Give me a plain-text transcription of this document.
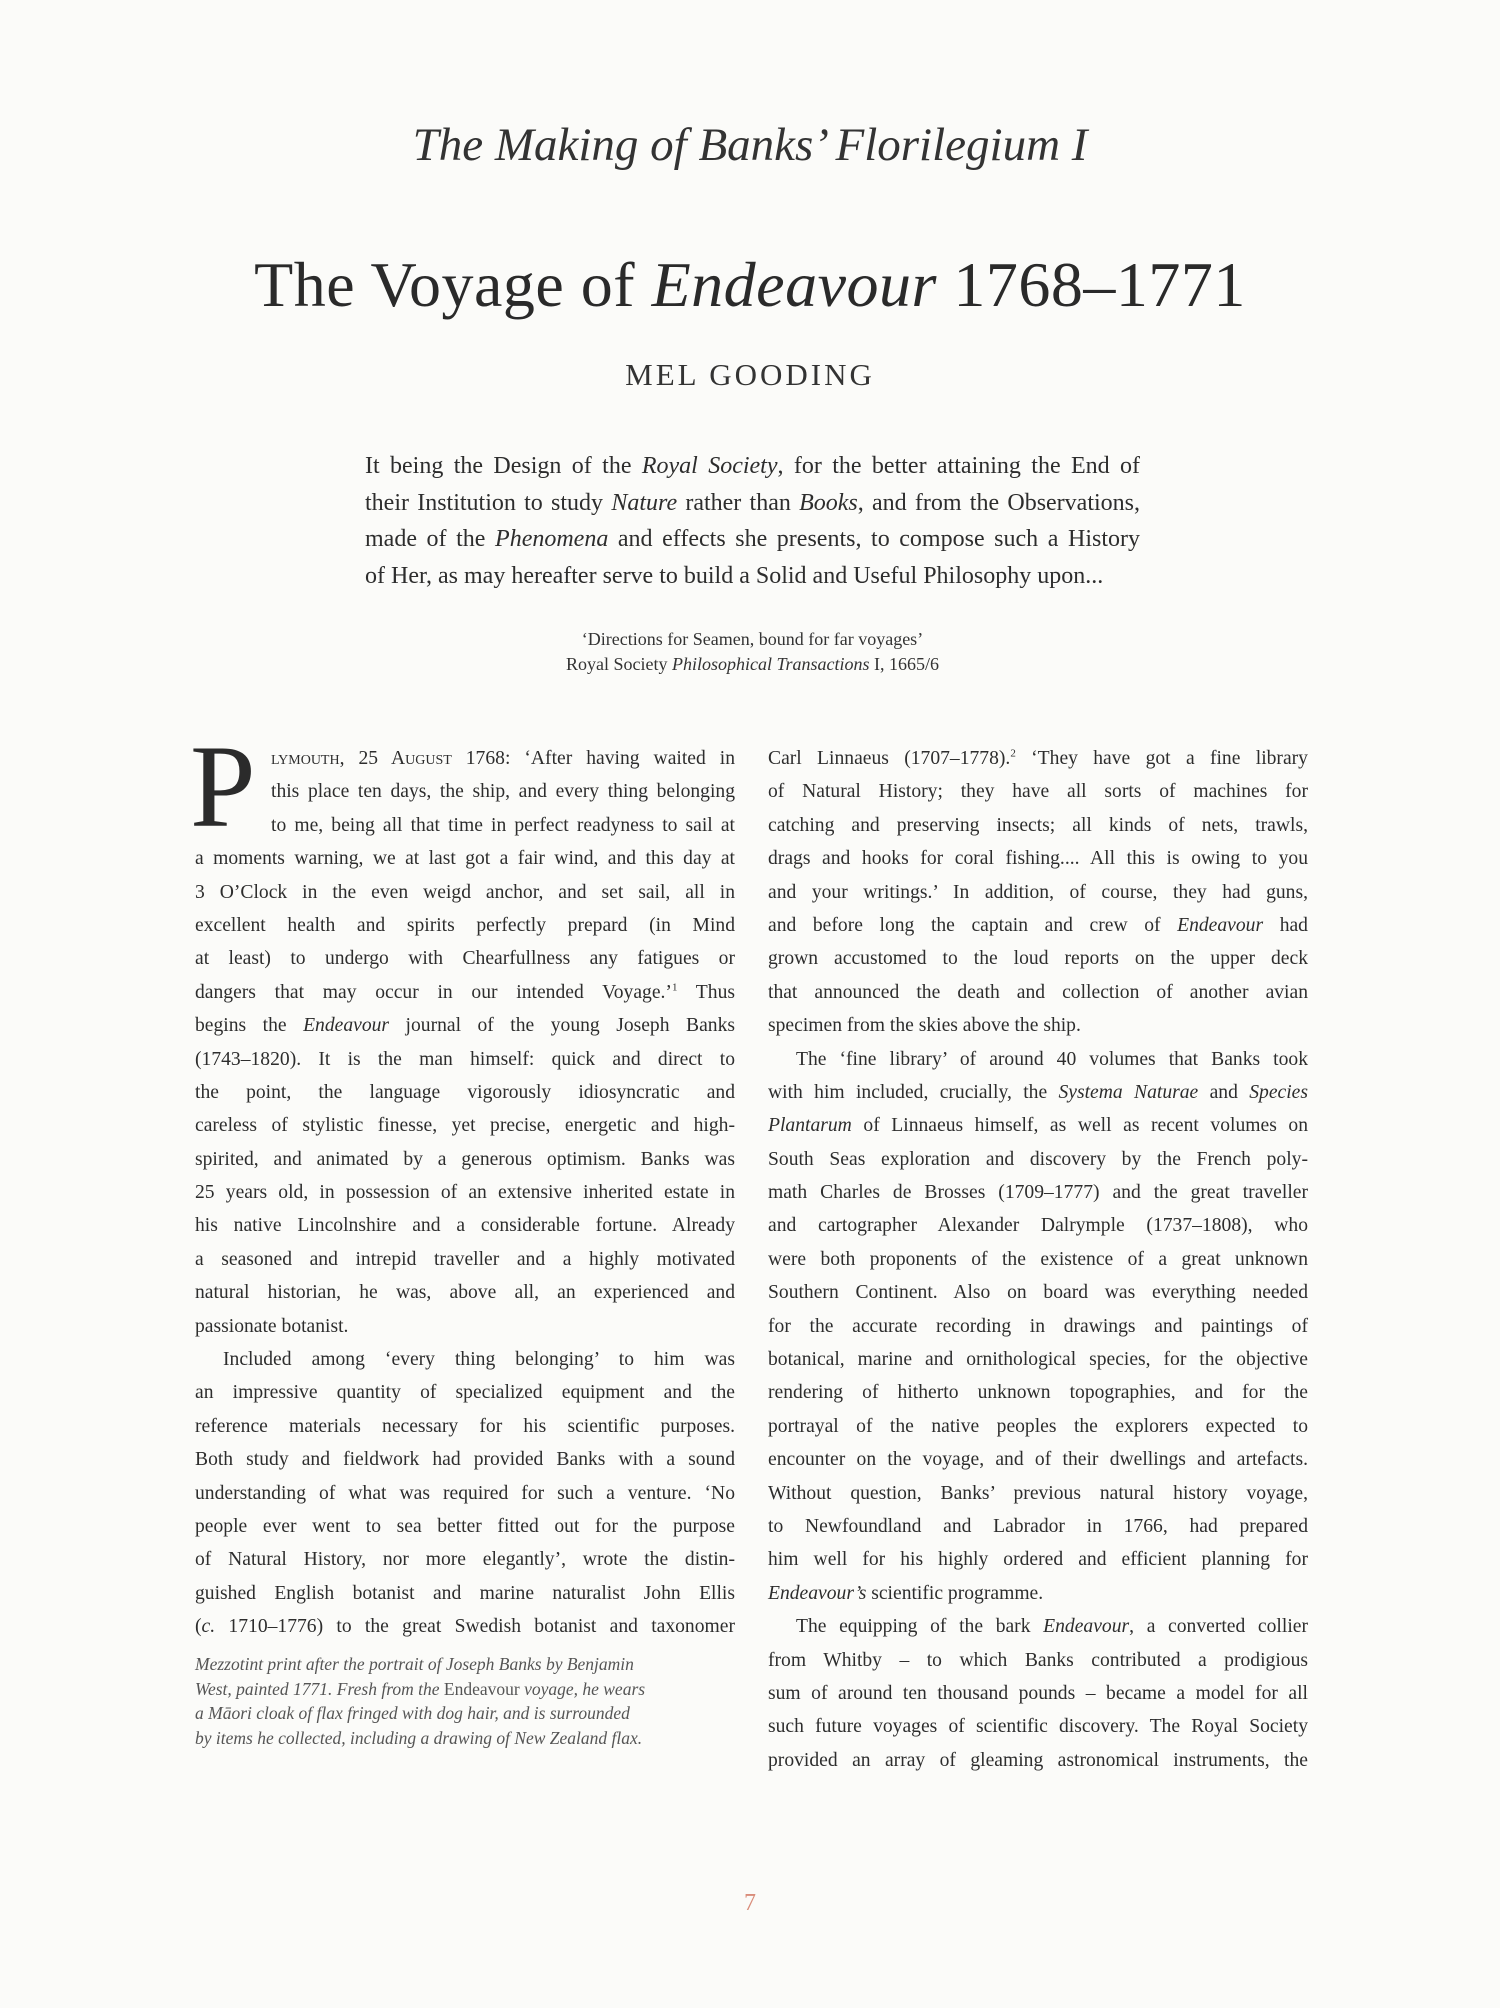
The Making of Banks’ Florilegium I
The Voyage of Endeavour 1768–1771
MEL GOODING
It being the Design of the Royal Society, for the better attaining the End of
their Institution to study Nature rather than Books, and from the Observations,
made of the Phenomena and effects she presents, to compose such a History
of Her, as may hereafter serve to build a Solid and Useful Philosophy upon...
‘Directions for Seamen, bound for far voyages’
Royal Society Philosophical Transactions I, 1665/6
P lymouth, 25 August 1768: ‘After having waited in
this place ten days, the ship, and every thing belonging
to me, being all that time in perfect readyness to sail at
a moments warning, we at last got a fair wind, and this day at
3 O’Clock in the even weigd anchor, and set sail, all in
excellent health and spirits perfectly prepard (in Mind
at least) to undergo with Chearfullness any fatigues or
dangers that may occur in our intended Voyage.’$^1$ Thus
begins the Endeavour journal of the young Joseph Banks
(1743–1820). It is the man himself: quick and direct to
the point, the language vigorously idiosyncratic and
careless of stylistic finesse, yet precise, energetic and high-
spirited, and animated by a generous optimism. Banks was
25 years old, in possession of an extensive inherited estate in
his native Lincolnshire and a considerable fortune. Already
a seasoned and intrepid traveller and a highly motivated
natural historian, he was, above all, an experienced and
passionate botanist.
Included among ‘every thing belonging’ to him was
an impressive quantity of specialized equipment and the
reference materials necessary for his scientific purposes.
Both study and fieldwork had provided Banks with a sound
understanding of what was required for such a venture. ‘No
people ever went to sea better fitted out for the purpose
of Natural History, nor more elegantly’, wrote the distin-
guished English botanist and marine naturalist John Ellis
(c. 1710–1776) to the great Swedish botanist and taxonomer
Mezzotint print after the portrait of Joseph Banks by Benjamin
West, painted 1771. Fresh from the Endeavour voyage, he wears
a Māori cloak of flax fringed with dog hair, and is surrounded
by items he collected, including a drawing of New Zealand flax.
Carl Linnaeus (1707–1778).$^2$ ‘They have got a fine library
of Natural History; they have all sorts of machines for
catching and preserving insects; all kinds of nets, trawls,
drags and hooks for coral fishing.... All this is owing to you
and your writings.’ In addition, of course, they had guns,
and before long the captain and crew of Endeavour had
grown accustomed to the loud reports on the upper deck
that announced the death and collection of another avian
specimen from the skies above the ship.
The ‘fine library’ of around 40 volumes that Banks took
with him included, crucially, the Systema Naturae and Species
Plantarum of Linnaeus himself, as well as recent volumes on
South Seas exploration and discovery by the French poly-
math Charles de Brosses (1709–1777) and the great traveller
and cartographer Alexander Dalrymple (1737–1808), who
were both proponents of the existence of a great unknown
Southern Continent. Also on board was everything needed
for the accurate recording in drawings and paintings of
botanical, marine and ornithological species, for the objective
rendering of hitherto unknown topographies, and for the
portrayal of the native peoples the explorers expected to
encounter on the voyage, and of their dwellings and artefacts.
Without question, Banks’ previous natural history voyage,
to Newfoundland and Labrador in 1766, had prepared
him well for his highly ordered and efficient planning for
Endeavour’s scientific programme.
The equipping of the bark Endeavour, a converted collier
from Whitby – to which Banks contributed a prodigious
sum of around ten thousand pounds – became a model for all
such future voyages of scientific discovery. The Royal Society
provided an array of gleaming astronomical instruments, the
7
